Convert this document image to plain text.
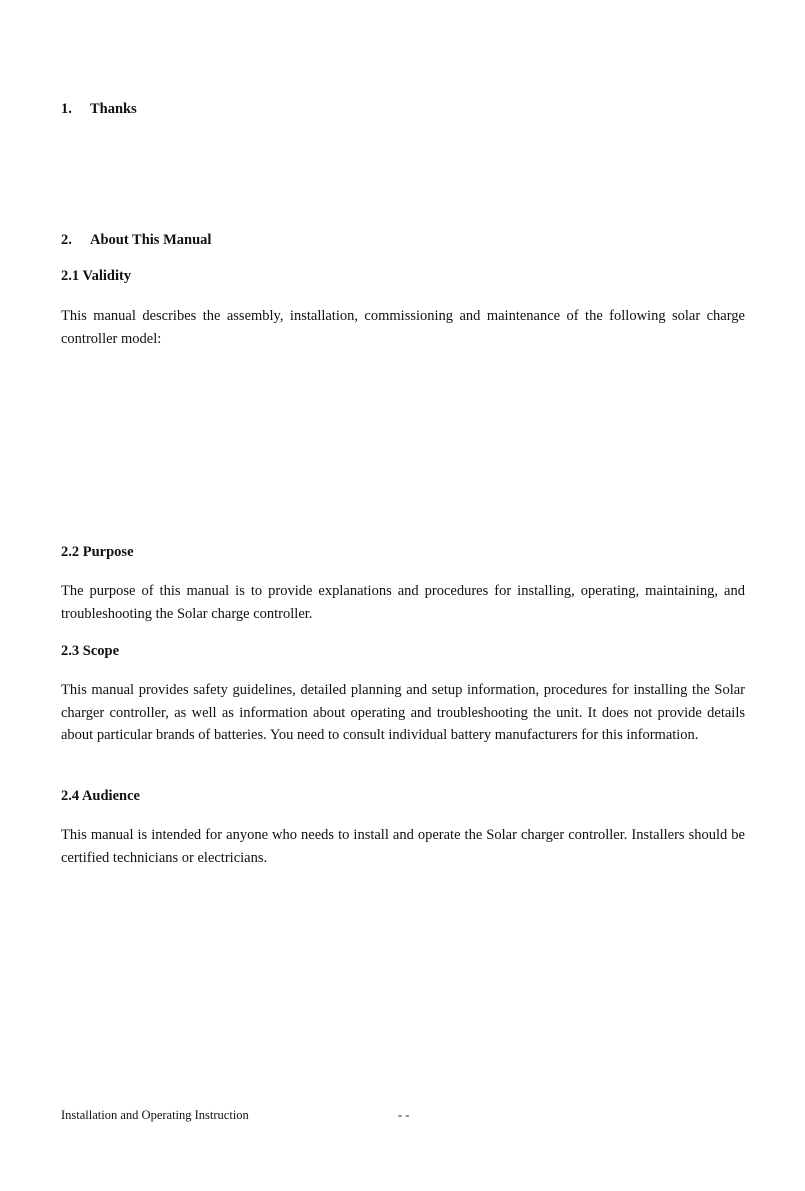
1. Thanks
2. About This Manual
2.1 Validity
This manual describes the assembly, installation, commissioning and maintenance of the following solar charge controller model:
2.2 Purpose
The purpose of this manual is to provide explanations and procedures for installing, operating, maintaining, and troubleshooting the Solar charge controller.
2.3 Scope
This manual provides safety guidelines, detailed planning and setup information, procedures for installing the Solar charger controller, as well as information about operating and troubleshooting the unit. It does not provide details about particular brands of batteries. You need to consult individual battery manufacturers for this information.
2.4 Audience
This manual is intended for anyone who needs to install and operate the Solar charger controller. Installers should be certified technicians or electricians.
Installation and Operating Instruction	- -
